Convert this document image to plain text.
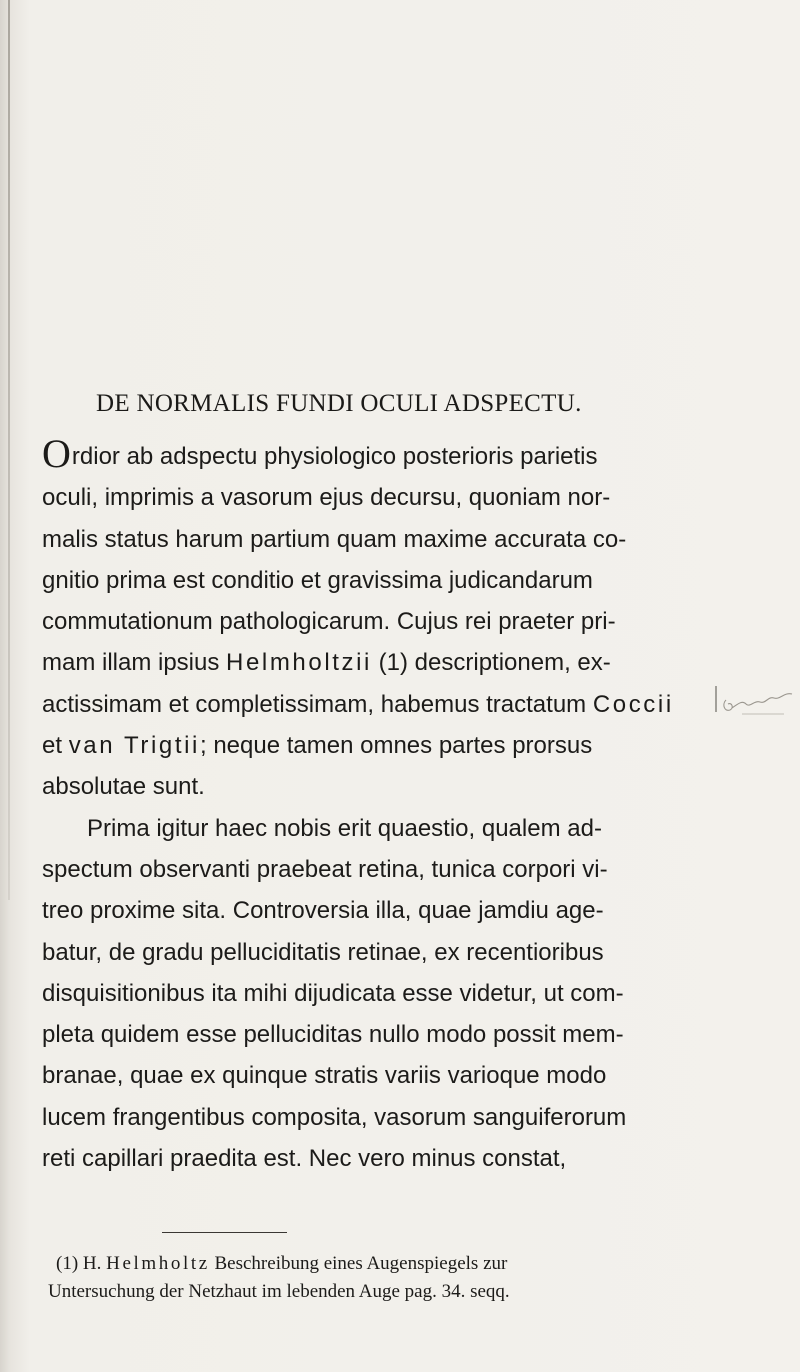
DE NORMALIS FUNDI OCULI ADSPECTU.
Ordior ab adspectu physiologico posterioris parietis
oculi, imprimis a vasorum ejus decursu, quoniam nor-
malis status harum partium quam maxime accurata co-
gnitio prima est conditio et gravissima judicandarum
commutationum pathologicarum. Cujus rei praeter pri-
mam illam ipsius Helmholtzii (1) descriptionem, ex-
actissimam et completissimam, habemus tractatum Coccii
et van Trigtii; neque tamen omnes partes prorsus
absolutae sunt.
Prima igitur haec nobis erit quaestio, qualem ad-
spectum observanti praebeat retina, tunica corpori vi-
treo proxime sita. Controversia illa, quae jamdiu age-
batur, de gradu pelluciditatis retinae, ex recentioribus
disquisitionibus ita mihi dijudicata esse videtur, ut com-
pleta quidem esse pelluciditas nullo modo possit mem-
branae, quae ex quinque stratis variis varioque modo
lucem frangentibus composita, vasorum sanguiferorum
reti capillari praedita est. Nec vero minus constat,
(1) H. Helmholtz Beschreibung eines Augenspiegels zur
Untersuchung der Netzhaut im lebenden Auge pag. 34. seqq.
